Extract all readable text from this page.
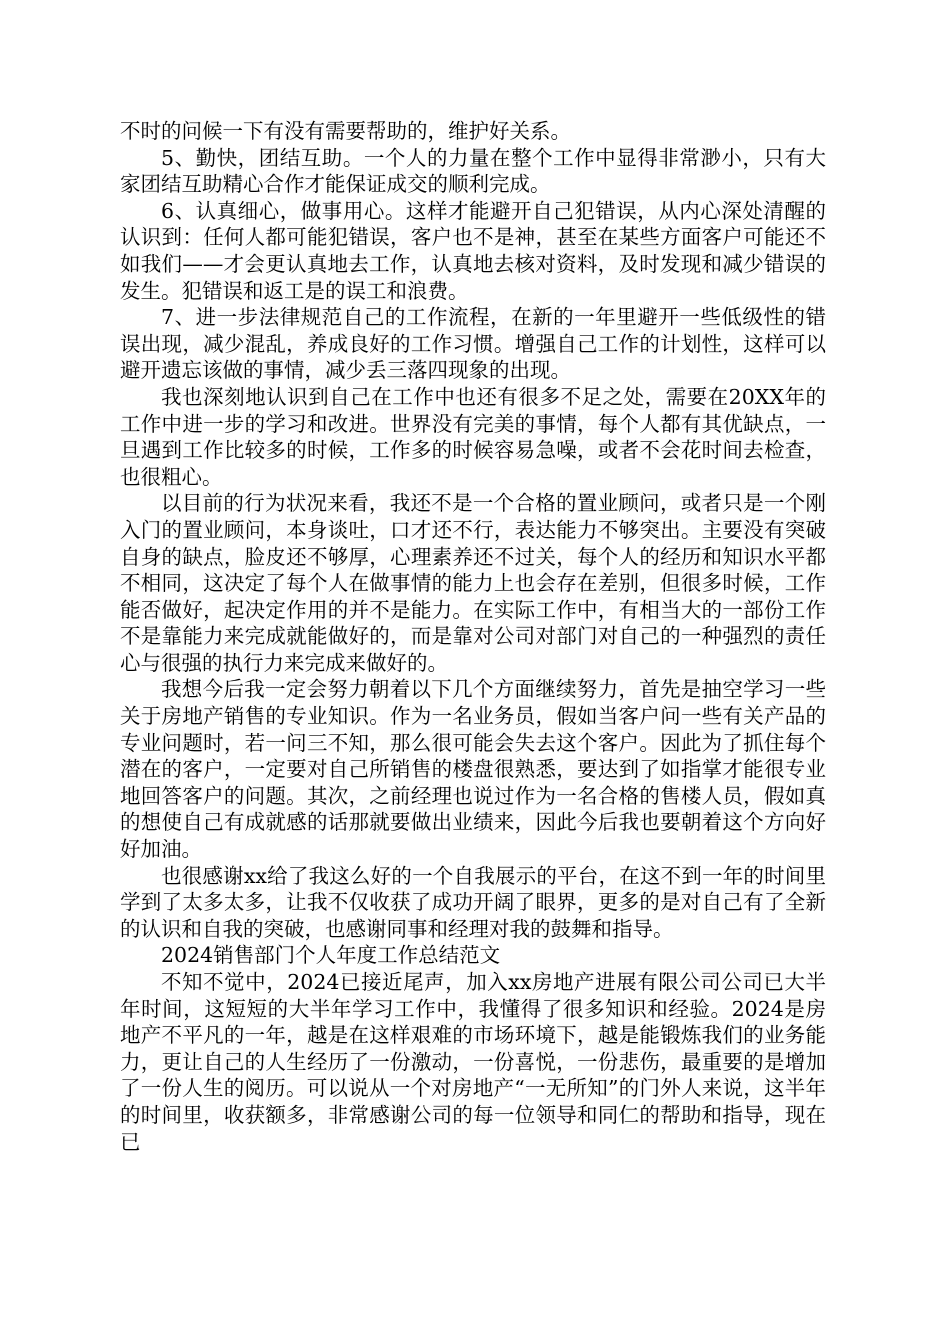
不时的问候一下有没有需要帮助的，维护好关系。

5、勤快，团结互助。一个人的力量在整个工作中显得非常渺小，只有大家团结互助精心合作才能保证成交的顺利完成。

6、认真细心，做事用心。这样才能避开自己犯错误，从内心深处清醒的认识到：任何人都可能犯错误，客户也不是神，甚至在某些方面客户可能还不如我们——才会更认真地去工作，认真地去核对资料，及时发现和减少错误的发生。犯错误和返工是的误工和浪费。

7、进一步法律规范自己的工作流程，在新的一年里避开一些低级性的错误出现，减少混乱，养成良好的工作习惯。增强自己工作的计划性，这样可以避开遗忘该做的事情，减少丢三落四现象的出现。

我也深刻地认识到自己在工作中也还有很多不足之处，需要在20XX年的工作中进一步的学习和改进。世界没有完美的事情，每个人都有其优缺点，一旦遇到工作比较多的时候，工作多的时候容易急噪，或者不会花时间去检查，也很粗心。

以目前的行为状况来看，我还不是一个合格的置业顾问，或者只是一个刚入门的置业顾问，本身谈吐，口才还不行，表达能力不够突出。主要没有突破自身的缺点，脸皮还不够厚，心理素养还不过关，每个人的经历和知识水平都不相同，这决定了每个人在做事情的能力上也会存在差别，但很多时候，工作能否做好，起决定作用的并不是能力。在实际工作中，有相当大的一部份工作不是靠能力来完成就能做好的，而是靠对公司对部门对自己的一种强烈的责任心与很强的执行力来完成来做好的。

我想今后我一定会努力朝着以下几个方面继续努力，首先是抽空学习一些关于房地产销售的专业知识。作为一名业务员，假如当客户问一些有关产品的专业问题时，若一问三不知，那么很可能会失去这个客户。因此为了抓住每个潜在的客户，一定要对自己所销售的楼盘很熟悉，要达到了如指掌才能很专业地回答客户的问题。其次，之前经理也说过作为一名合格的售楼人员，假如真的想使自己有成就感的话那就要做出业绩来，因此今后我也要朝着这个方向好好加油。

也很感谢xx给了我这么好的一个自我展示的平台，在这不到一年的时间里学到了太多太多，让我不仅收获了成功开阔了眼界，更多的是对自己有了全新的认识和自我的突破，也感谢同事和经理对我的鼓舞和指导。

2024销售部门个人年度工作总结范文

不知不觉中，2024已接近尾声，加入xx房地产进展有限公司公司已大半年时间，这短短的大半年学习工作中，我懂得了很多知识和经验。2024是房地产不平凡的一年，越是在这样艰难的市场环境下，越是能锻炼我们的业务能力，更让自己的人生经历了一份激动，一份喜悦，一份悲伤，最重要的是增加了一份人生的阅历。可以说从一个对房地产“一无所知”的门外人来说，这半年的时间里，收获额多，非常感谢公司的每一位领导和同仁的帮助和指导，现在已
